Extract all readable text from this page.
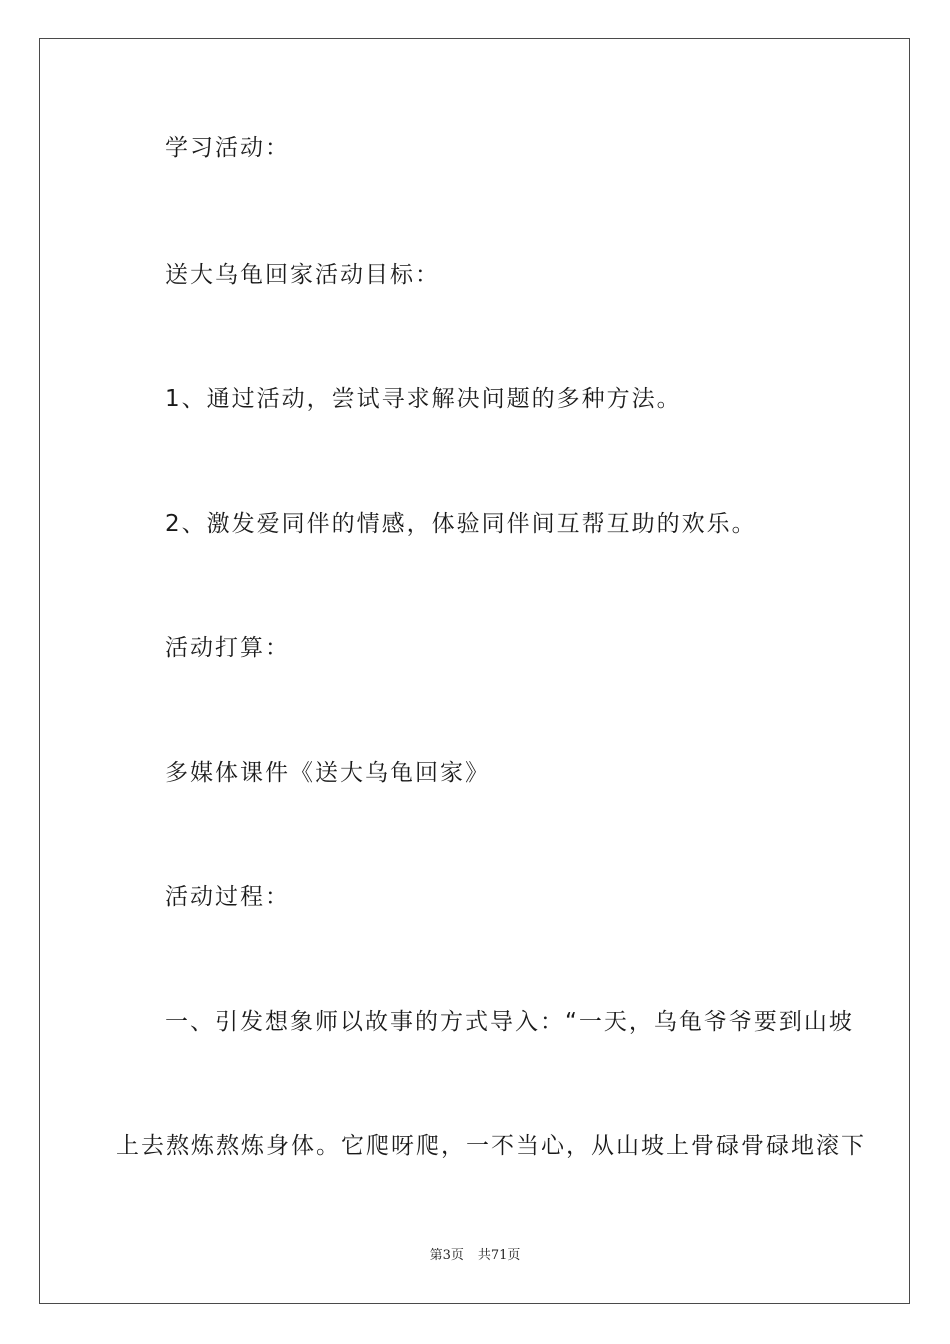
学习活动：

送大乌龟回家活动目标：

1、通过活动，尝试寻求解决问题的多种方法。

2、激发爱同伴的情感，体验同伴间互帮互助的欢乐。

活动打算：

多媒体课件《送大乌龟回家》

活动过程：

一、引发想象师以故事的方式导入：“一天，乌龟爷爷要到山坡

上去熬炼熬炼身体。它爬呀爬，一不当心，从山坡上骨碌骨碌地滚下

第3页 共71页
